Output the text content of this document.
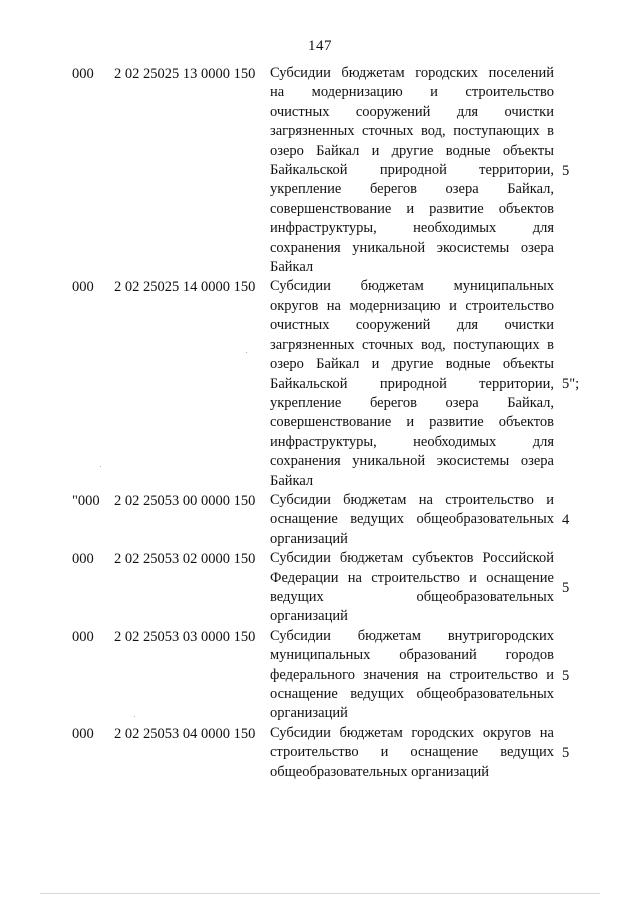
147
000 2 02 25025 13 0000 150 Субсидии бюджетам городских поселений
на модернизацию и строительство
очистных сооружений для очистки
загрязненных сточных вод, поступающих в
озеро Байкал и другие водные объекты
Байкальской природной территории,
укрепление берегов озера Байкал,
совершенствование и развитие объектов
инфраструктуры, необходимых для
сохранения уникальной экосистемы озера
Байкал
5
000 2 02 25025 14 0000 150 Субсидии бюджетам муниципальных
округов на модернизацию и строительство
очистных сооружений для очистки
загрязненных сточных вод, поступающих в
озеро Байкал и другие водные объекты
Байкальской природной территории,
укрепление берегов озера Байкал,
совершенствование и развитие объектов
инфраструктуры, необходимых для
сохранения уникальной экосистемы озера
Байкал
5";
"000 2 02 25053 00 0000 150 Субсидии бюджетам на строительство и
оснащение ведущих общеобразовательных
организаций
4
000 2 02 25053 02 0000 150 Субсидии бюджетам субъектов Российской
Федерации на строительство и оснащение
ведущих общеобразовательных
организаций
5
000 2 02 25053 03 0000 150 Субсидии бюджетам внутригородских
муниципальных образований городов
федерального значения на строительство и
оснащение ведущих общеобразовательных
организаций
5
000 2 02 25053 04 0000 150 Субсидии бюджетам городских округов на
строительство и оснащение ведущих
общеобразовательных организаций
5
